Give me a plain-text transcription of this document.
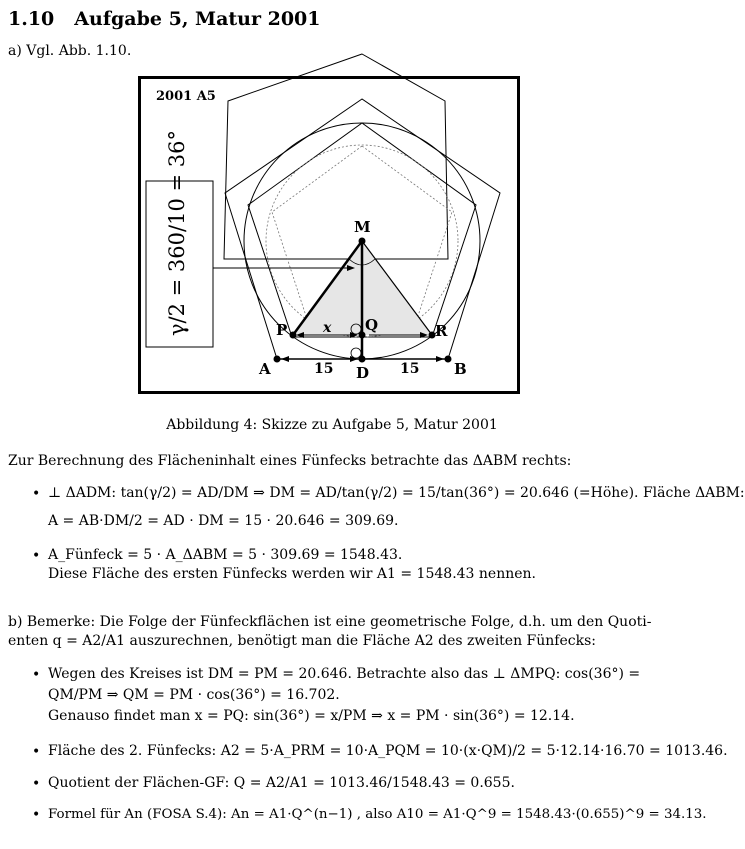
1.10 Aufgabe 5, Matur 2001
a) Vgl. Abb. 1.10.
γ/2 = 360/10 = 36°
2001 A5
M
P	Q	R
A	D	B
x
15	15
Abbildung 4: Skizze zu Aufgabe 5, Matur 2001
Zur Berechnung des Flächeninhalt eines Fünfecks betrachte das ΔABM rechts:
• ⊥ ΔADM: tan(γ/2) = AD/DM ⇒ DM = AD/tan(γ/2) = 15/tan(36°) = 20.646 (=Höhe). Fläche ΔABM:
A = AB·DM/2 = AD · DM = 15 · 20.646 = 309.69.
• A_Fünfeck = 5 · A_ΔABM = 5 · 309.69 = 1548.43.
Diese Fläche des ersten Fünfecks werden wir A1 = 1548.43 nennen.
b) Bemerke: Die Folge der Fünfeckflächen ist eine geometrische Folge, d.h. um den Quoti-
enten q = A2/A1 auszurechnen, benötigt man die Fläche A2 des zweiten Fünfecks:
• Wegen des Kreises ist DM = PM = 20.646. Betrachte also das ⊥ ΔMPQ: cos(36°) =
QM/PM ⇒ QM = PM · cos(36°) = 16.702.
Genauso findet man x = PQ: sin(36°) = x/PM ⇒ x = PM · sin(36°) = 12.14.
• Fläche des 2. Fünfecks: A2 = 5·A_PRM = 10·A_PQM = 10·(x·QM)/2 = 5·12.14·16.70 = 1013.46.
• Quotient der Flächen-GF: Q = A2/A1 = 1013.46/1548.43 = 0.655.
• Formel für An (FOSA S.4): An = A1·Q^(n−1) , also A10 = A1·Q^9 = 1548.43·(0.655)^9 = 34.13.
